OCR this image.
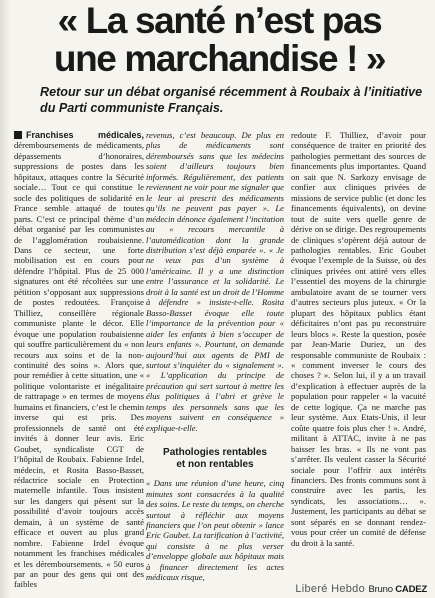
« La santé n’est pas
une marchandise ! »

Retour sur un débat organisé récemment à Roubaix à l’initiative du Parti communiste Français.

Franchises médicales, déremboursements de médicaments, dépassements d’honoraires, suppressions de postes dans les hôpitaux, attaques contre la Sécurité sociale… Tout ce qui constitue le socle des politiques de solidarité en France semble attaqué de toutes parts. C’est ce principal thème d’un débat organisé par les communistes de l’agglomération roubaisienne. Dans ce secteur, une forte mobilisation est en cours pour défendre l’hôpital. Plus de 25 000 signatures ont été récoltées sur une pétition s’opposant aux suppressions de postes redoutées. Françoise Thilliez, conseillère régionale communiste plante le décor. Elle évoque une population roubaisienne qui souffre particulièrement du « non recours aux soins et de la non-continuité des soins ». Alors que, pour remédier à cette situation, une « politique volontariste et inégalitaire de rattrapage » en termes de moyens humains et financiers, c’est le chemin inverse qui est pris. Des professionnels de santé ont été invités à donner leur avis. Eric Goubet, syndicaliste CGT de l’hôpital de Roubaix. Fabienne Irdel, médecin, et Rosita Basso-Basset, rédactrice sociale en Protection maternelle infantile. Tous insistent sur les dangers qui pèsent sur la possibilité d’avoir toujours accès demain, à un système de santé efficace et ouvert au plus grand nombre. Fabienne Irdel évoque notamment les franchises médicales et les déremboursements. « 50 euros par an pour des gens qui ont des faibles

revenus, c’est beaucoup. De plus en plus de médicaments sont déremboursés sans que les médecins soient d’ailleurs toujours bien informés. Régulièrement, des patients reviennent ne voir pour me signaler que le leur ai prescrit des médicaments qu’ils ne peuvent pas payer ». Le médecin dénonce également l’incitation au « recours mercantile à l’automédication dont la grande distribution s’est déjà emparée ». « Je ne veux pas d’un système à l’américaine. Il y a une distinction entre l’assurance et la solidarité. Le droit à la santé est un droit de l’Homme à défendre » insiste-t-elle. Rosita Basso-Basset évoque elle toute l’importance de la prévention pour « aider les enfants à bien s’occuper de leurs enfants ». Pourtant, on demande aujourd’hui aux agents de PMI de surtout s’inquiéter du « signalement ». « L’application du principe de précaution qui sert surtout à mettre les élus politiques à l’abri et grève le temps des personnels sans que les moyens suivent en conséquence » explique-t-elle.

Pathologies rentables
et non rentables

« Dans une réunion d’une heure, cinq minutes sont consacrées à la qualité des soins. Le reste du temps, on cherche surtout à réfléchir aux moyens financiers que l’on peut obtenir » lance Eric Goubet. La tarification à l’activité, qui consiste à ne plus verser d’enveloppe globale aux hôpitaux mais à financer directement les actes médicaux risque,

redoute F. Thilliez, d’avoir pour conséquence de traiter en priorité des pathologies permettant des sources de financements plus importantes. Quand on sait que N. Sarkozy envisage de confier aux cliniques privées de missions de service public (et donc les financements équivalents), on devine tout de suite vers quelle genre de dérive on se dirige. Des regroupements de cliniques s’opèrent déjà autour de pathologies rentables. Eric Goubet évoque l’exemple de la Suisse, où des cliniques privées ont attiré vers elles l’essentiel des moyens de la chirurgie ambulatoire avant de se tourner vers d’autres secteurs plus juteux. « Or la plupart des hôpitaux publics étant déficitaires n’ont pas pu reconstruire leurs blocs ». Reste la question, posée par Jean-Marie Duriez, un des responsable communiste de Roubaix : « comment inverser le cours des choses ? ». Selon lui, il y a un travail d’explication à effectuer auprès de la population pour rappeler « la vacuité de cette logique. Ça ne marche pas leur système. Aux Etats-Unis, il leur coûte quatre fois plus cher ! ». André, militant à ATTAC, invite à ne pas baisser les bras. « Ils ne vont pas s’arrêter. Ils veulent casser la Sécurité sociale pour l’offrir aux intérêts financiers. Des fronts communs sont à construire avec les partis, les syndicats, les associations… ». Justement, les participants au débat se sont séparés en se donnant rendez-vous pour créer un comité de défense du droit à la santé.

Liberé Hebdo Bruno CADEZ
